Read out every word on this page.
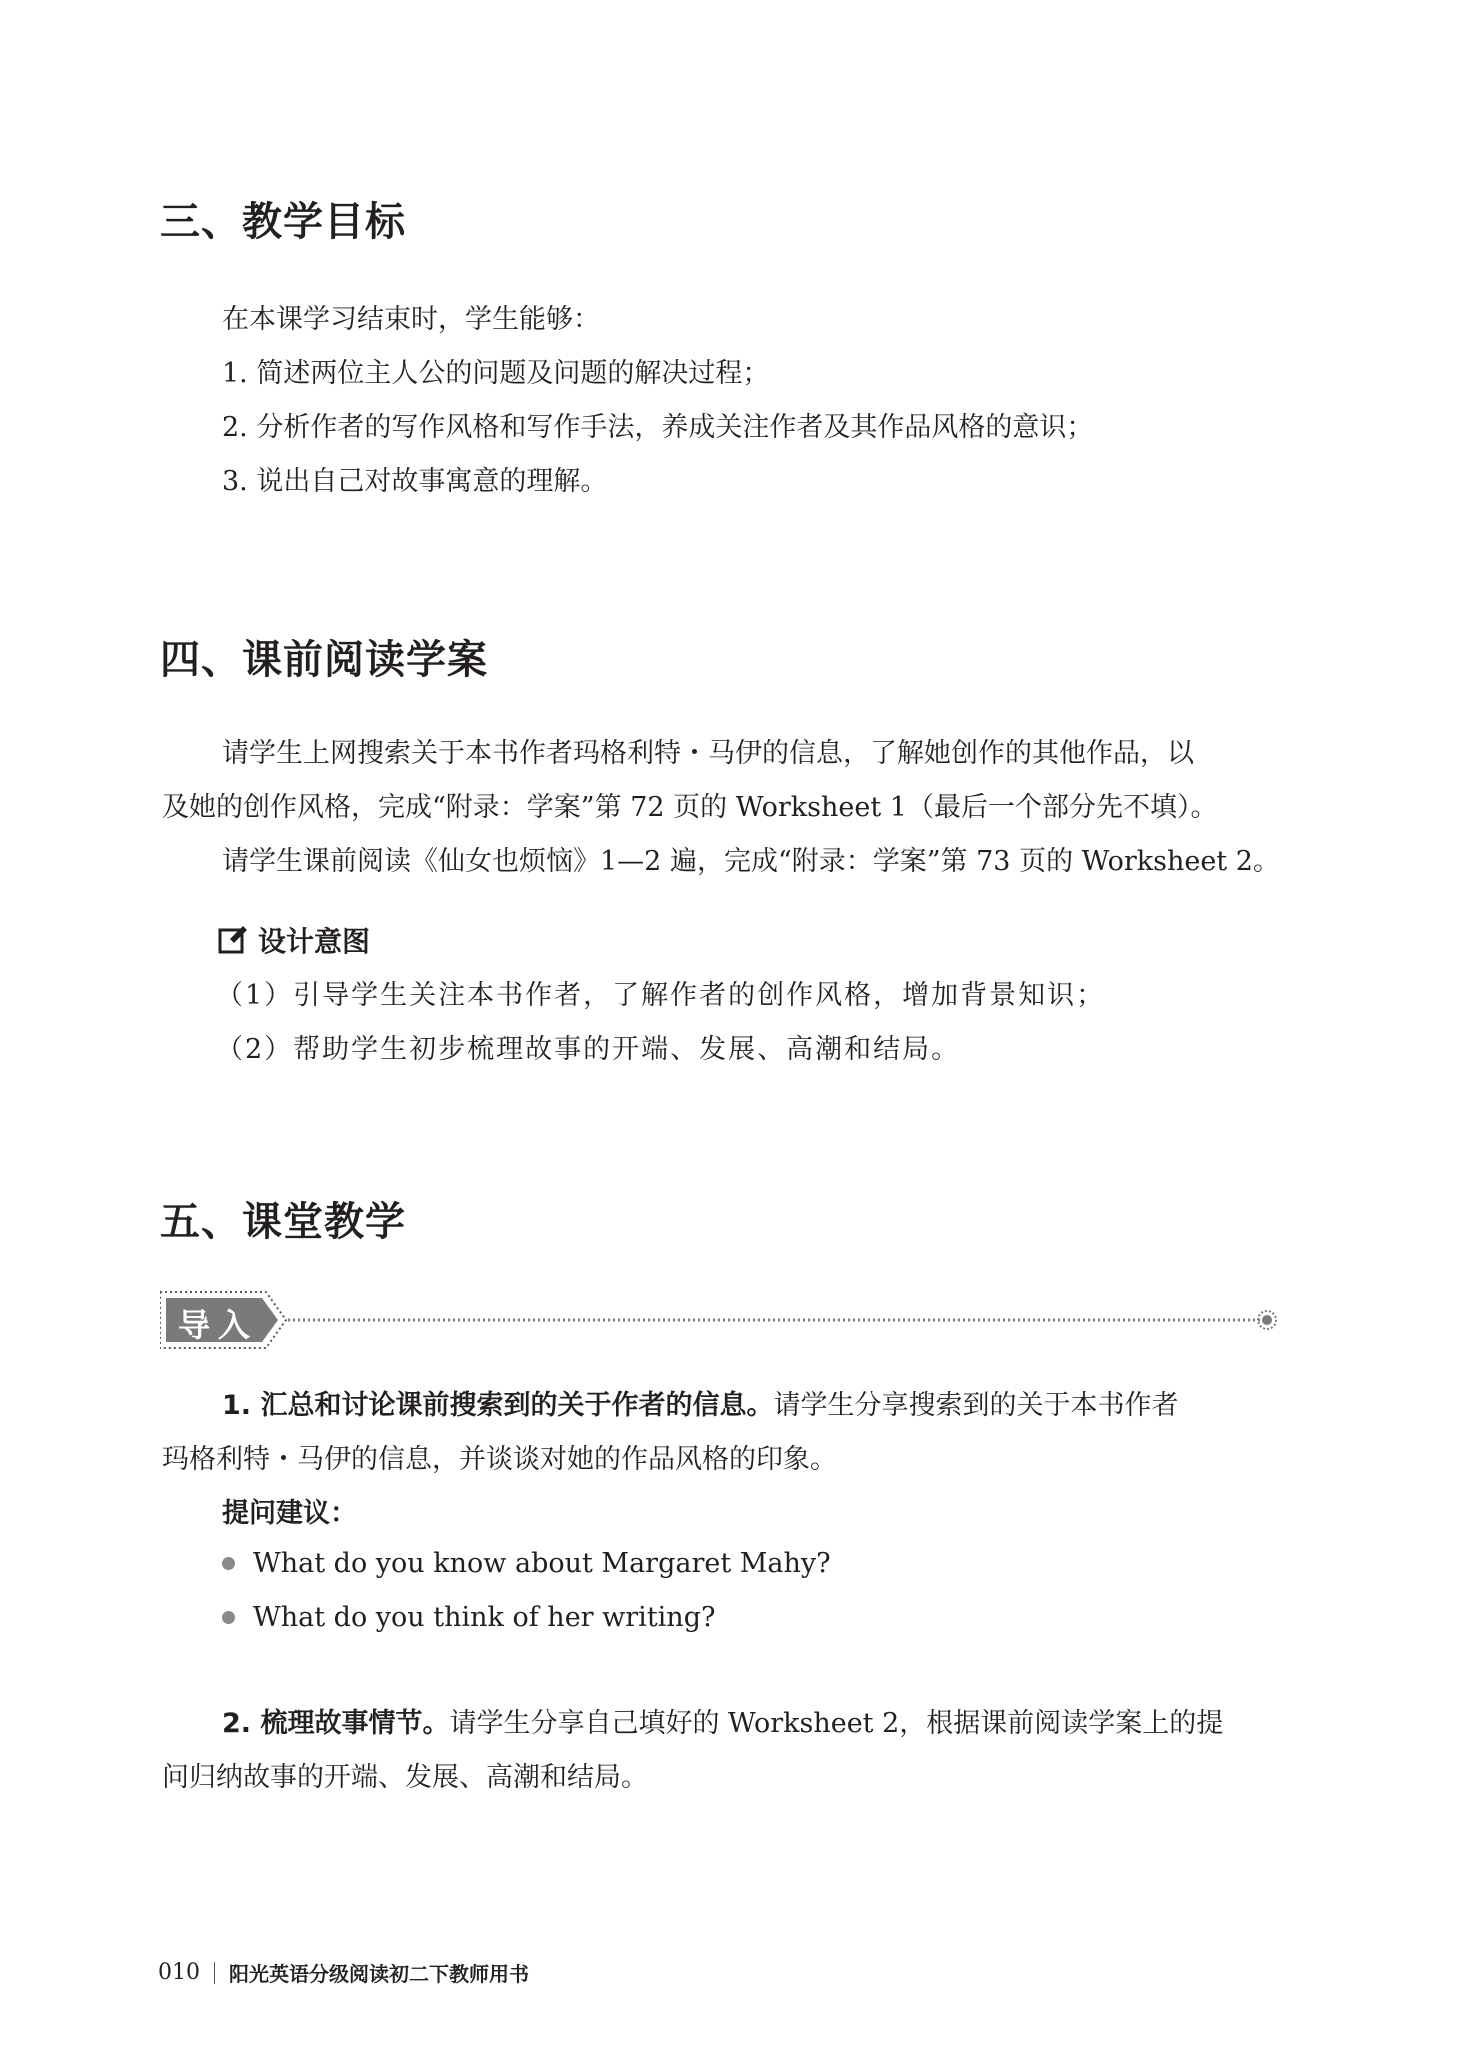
三、教学目标
在本课学习结束时，学生能够：
1. 简述两位主人公的问题及问题的解决过程；
2. 分析作者的写作风格和写作手法，养成关注作者及其作品风格的意识；
3. 说出自己对故事寓意的理解。
四、课前阅读学案
请学生上网搜索关于本书作者玛格利特・马伊的信息，了解她创作的其他作品，以
及她的创作风格，完成“附录：学案”第 72 页的 Worksheet 1（最后一个部分先不填）。
请学生课前阅读《仙女也烦恼》1—2 遍，完成“附录：学案”第 73 页的 Worksheet 2。
设计意图
（1）引导学生关注本书作者，了解作者的创作风格，增加背景知识；
（2）帮助学生初步梳理故事的开端、发展、高潮和结局。
五、课堂教学
导入
1. 汇总和讨论课前搜索到的关于作者的信息。请学生分享搜索到的关于本书作者
玛格利特・马伊的信息，并谈谈对她的作品风格的印象。
提问建议：
What do you know about Margaret Mahy?
What do you think of her writing?
2. 梳理故事情节。请学生分享自己填好的 Worksheet 2，根据课前阅读学案上的提
问归纳故事的开端、发展、高潮和结局。
010 阳光英语分级阅读初二下教师用书
